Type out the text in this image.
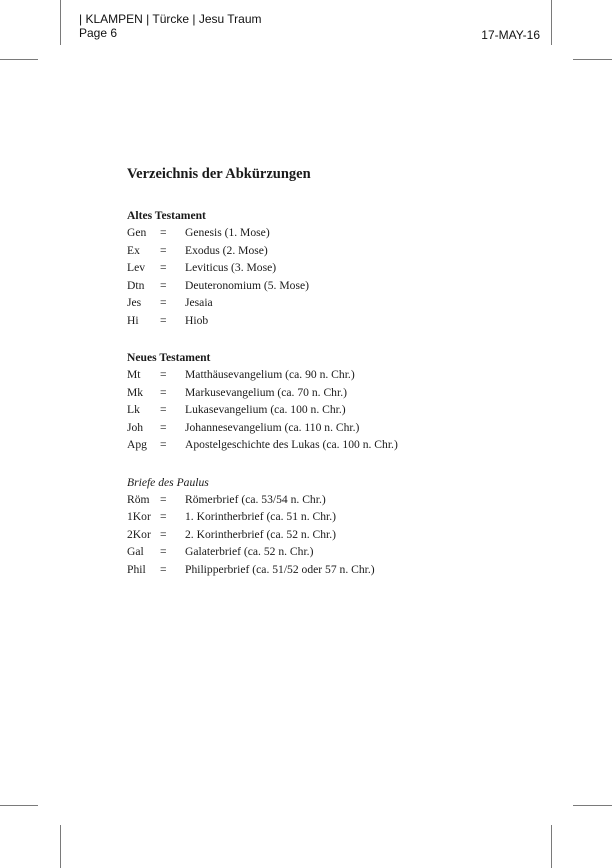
| KLAMPEN | Türcke | Jesu Traum
Page 6	17-MAY-16
Verzeichnis der Abkürzungen
Altes Testament
Gen	=	Genesis (1. Mose)
Ex	=	Exodus (2. Mose)
Lev	=	Leviticus (3. Mose)
Dtn	=	Deuteronomium (5. Mose)
Jes	=	Jesaia
Hi	=	Hiob
Neues Testament
Mt	=	Matthäusevangelium (ca. 90 n. Chr.)
Mk	=	Markusevangelium (ca. 70 n. Chr.)
Lk	=	Lukasevangelium (ca. 100 n. Chr.)
Joh	=	Johannesevangelium (ca. 110 n. Chr.)
Apg	=	Apostelgeschichte des Lukas (ca. 100 n. Chr.)
Briefe des Paulus
Röm =	Römerbrief (ca. 53/54 n. Chr.)
1Kor =	1. Korintherbrief (ca. 51 n. Chr.)
2Kor =	2. Korintherbrief (ca. 52 n. Chr.)
Gal	=	Galaterbrief (ca. 52 n. Chr.)
Phil	=	Philipperbrief (ca. 51/52 oder 57 n. Chr.)
